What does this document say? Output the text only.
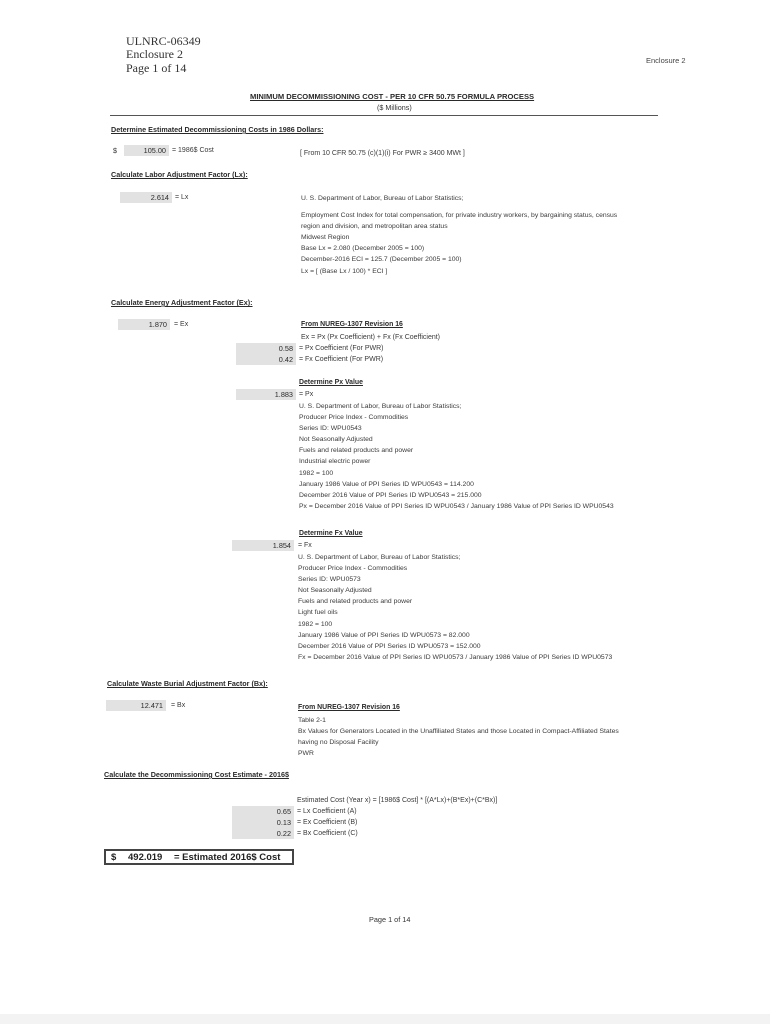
ULNRC-06349
Enclosure 2
Page 1 of 14
Enclosure 2
MINIMUM DECOMMISSIONING COST - PER 10 CFR 50.75 FORMULA PROCESS
($ Millions)
Determine Estimated Decommissioning Costs in 1986 Dollars:
$	105.00 = 1986$ Cost	[ From 10 CFR 50.75 (c)(1)(i) For PWR ≥ 3400 MWt ]
Calculate Labor Adjustment Factor (Lx):
2.614 = Lx	U. S. Department of Labor, Bureau of Labor Statistics;
Employment Cost Index for total compensation, for private industry workers, by bargaining status, census
region and division, and metropolitan area status
Midwest Region
Base Lx = 2.080 (December 2005 = 100)
December-2016 ECI = 125.7 (December 2005 = 100)
Lx = [ (Base Lx / 100) * ECI ]
Calculate Energy Adjustment Factor (Ex):
1.870	= Ex	From NUREG-1307 Revision 16
Ex = Px (Px Coefficient) + Fx (Fx Coefficient)
0.58 = Px Coefficient (For PWR)
0.42 = Fx Coefficient (For PWR)
Determine Px Value
1.883 = Px
U. S. Department of Labor, Bureau of Labor Statistics;
Producer Price Index - Commodities
Series ID: WPU0543
Not Seasonally Adjusted
Fuels and related products and power
Industrial electric power
1982 = 100
January 1986 Value of PPI Series ID WPU0543 = 114.200
December 2016 Value of PPI Series ID WPU0543 = 215.000
Px = December 2016 Value of PPI Series ID WPU0543 / January 1986 Value of PPI Series ID WPU0543
Determine Fx Value
1.854	= Fx
U. S. Department of Labor, Bureau of Labor Statistics;
Producer Price Index - Commodities
Series ID: WPU0573
Not Seasonally Adjusted
Fuels and related products and power
Light fuel oils
1982 = 100
January 1986 Value of PPI Series ID WPU0573 = 82.000
December 2016 Value of PPI Series ID WPU0573 = 152.000
Fx = December 2016 Value of PPI Series ID WPU0573 / January 1986 Value of PPI Series ID WPU0573
Calculate Waste Burial Adjustment Factor (Bx):
12.471	= Bx	From NUREG-1307 Revision 16
Table 2-1
Bx Values for Generators Located in the Unaffiliated States and those Located in Compact-Affiliated States
having no Disposal Facility
PWR
Calculate the Decommissioning Cost Estimate - 2016$
Estimated Cost (Year x) = [1986$ Cost] * [(A*Lx)+(B*Ex)+(C*Bx)]
0.65 = Lx Coefficient (A)
0.13 = Ex Coefficient (B)
0.22 = Bx Coefficient (C)
$ 492.019 = Estimated 2016$ Cost
Page 1 of 14
